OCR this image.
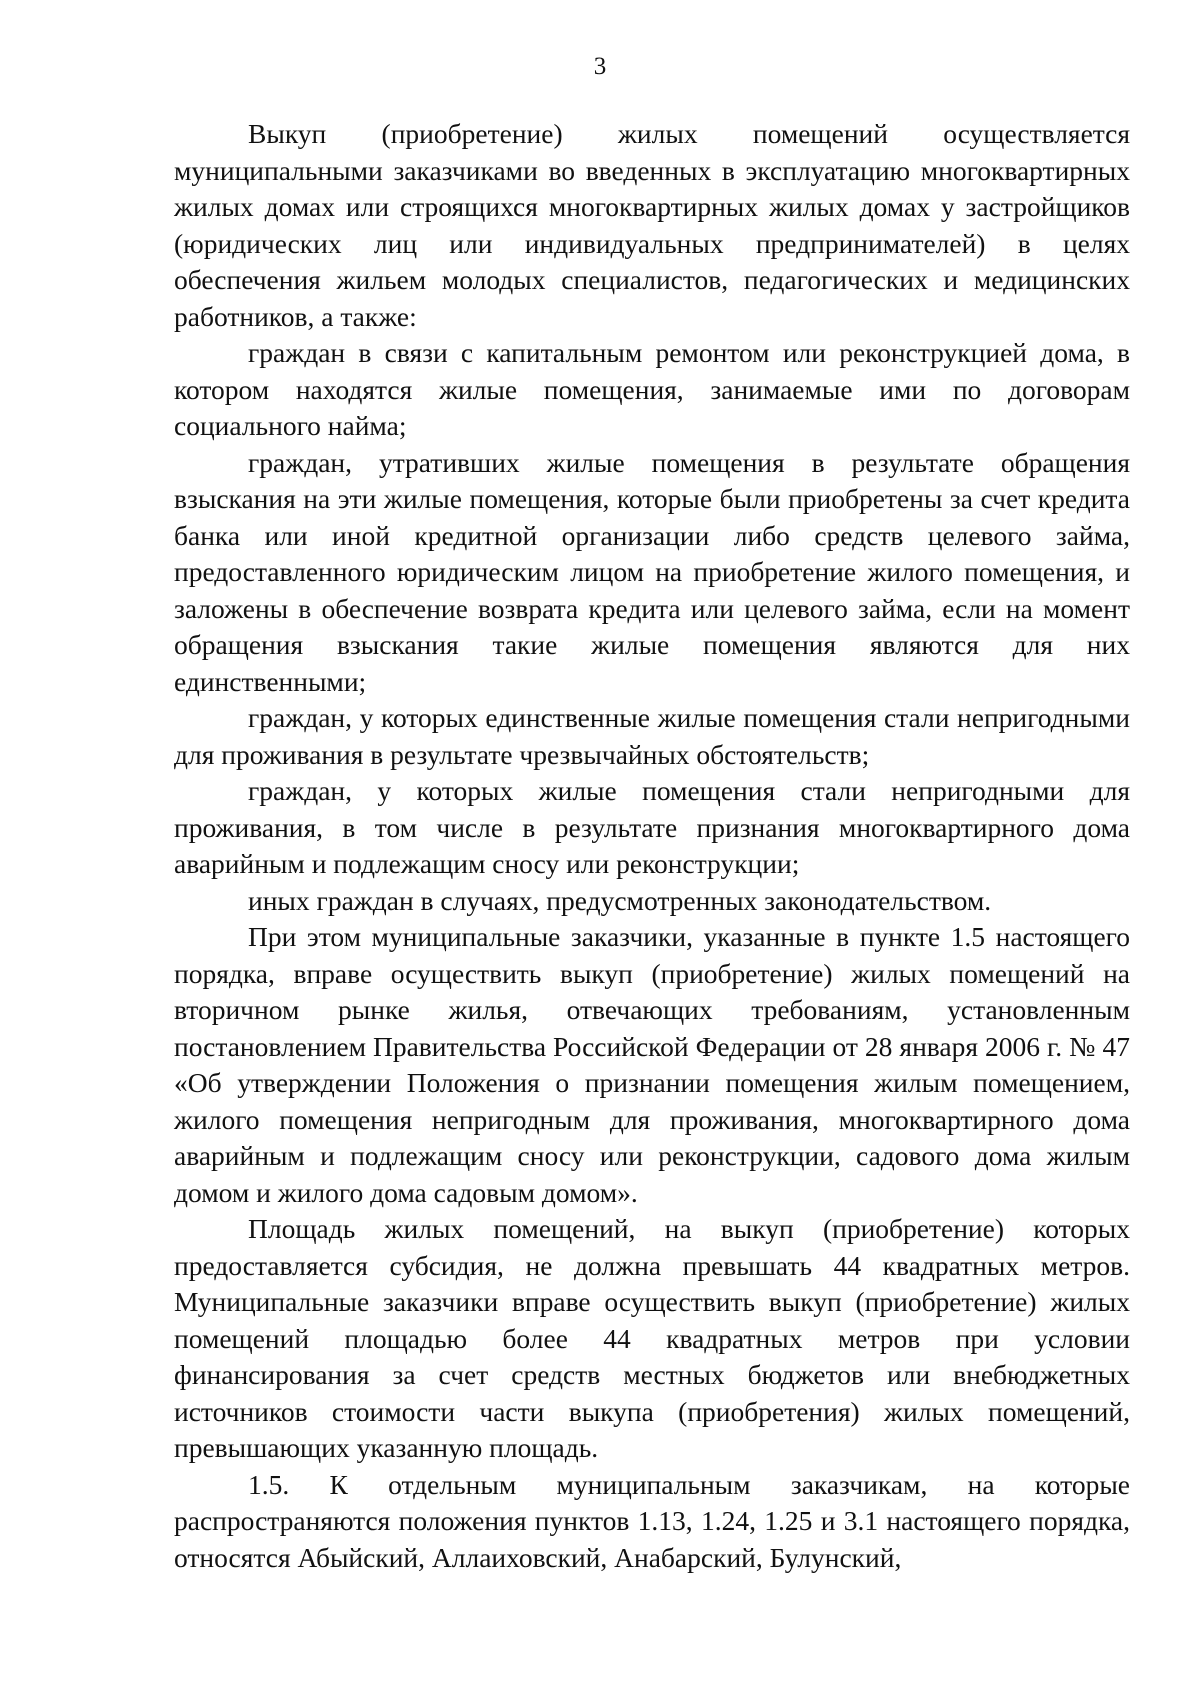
3

Выкуп (приобретение) жилых помещений осуществляется муниципальными заказчиками во введенных в эксплуатацию многоквартирных жилых домах или строящихся многоквартирных жилых домах у застройщиков (юридических лиц или индивидуальных предпринимателей) в целях обеспечения жильем молодых специалистов, педагогических и медицинских работников, а также:

граждан в связи с капитальным ремонтом или реконструкцией дома, в котором находятся жилые помещения, занимаемые ими по договорам социального найма;

граждан, утративших жилые помещения в результате обращения взыскания на эти жилые помещения, которые были приобретены за счет кредита банка или иной кредитной организации либо средств целевого займа, предоставленного юридическим лицом на приобретение жилого помещения, и заложены в обеспечение возврата кредита или целевого займа, если на момент обращения взыскания такие жилые помещения являются для них единственными;

граждан, у которых единственные жилые помещения стали непригодными для проживания в результате чрезвычайных обстоятельств;

граждан, у которых жилые помещения стали непригодными для проживания, в том числе в результате признания многоквартирного дома аварийным и подлежащим сносу или реконструкции;

иных граждан в случаях, предусмотренных законодательством.

При этом муниципальные заказчики, указанные в пункте 1.5 настоящего порядка, вправе осуществить выкуп (приобретение) жилых помещений на вторичном рынке жилья, отвечающих требованиям, установленным постановлением Правительства Российской Федерации от 28 января 2006 г. № 47 «Об утверждении Положения о признании помещения жилым помещением, жилого помещения непригодным для проживания, многоквартирного дома аварийным и подлежащим сносу или реконструкции, садового дома жилым домом и жилого дома садовым домом».

Площадь жилых помещений, на выкуп (приобретение) которых предоставляется субсидия, не должна превышать 44 квадратных метров. Муниципальные заказчики вправе осуществить выкуп (приобретение) жилых помещений площадью более 44 квадратных метров при условии финансирования за счет средств местных бюджетов или внебюджетных источников стоимости части выкупа (приобретения) жилых помещений, превышающих указанную площадь.

1.5. К отдельным муниципальным заказчикам, на которые распространяются положения пунктов 1.13, 1.24, 1.25 и 3.1 настоящего порядка, относятся Абыйский, Аллаиховский, Анабарский, Булунский,
